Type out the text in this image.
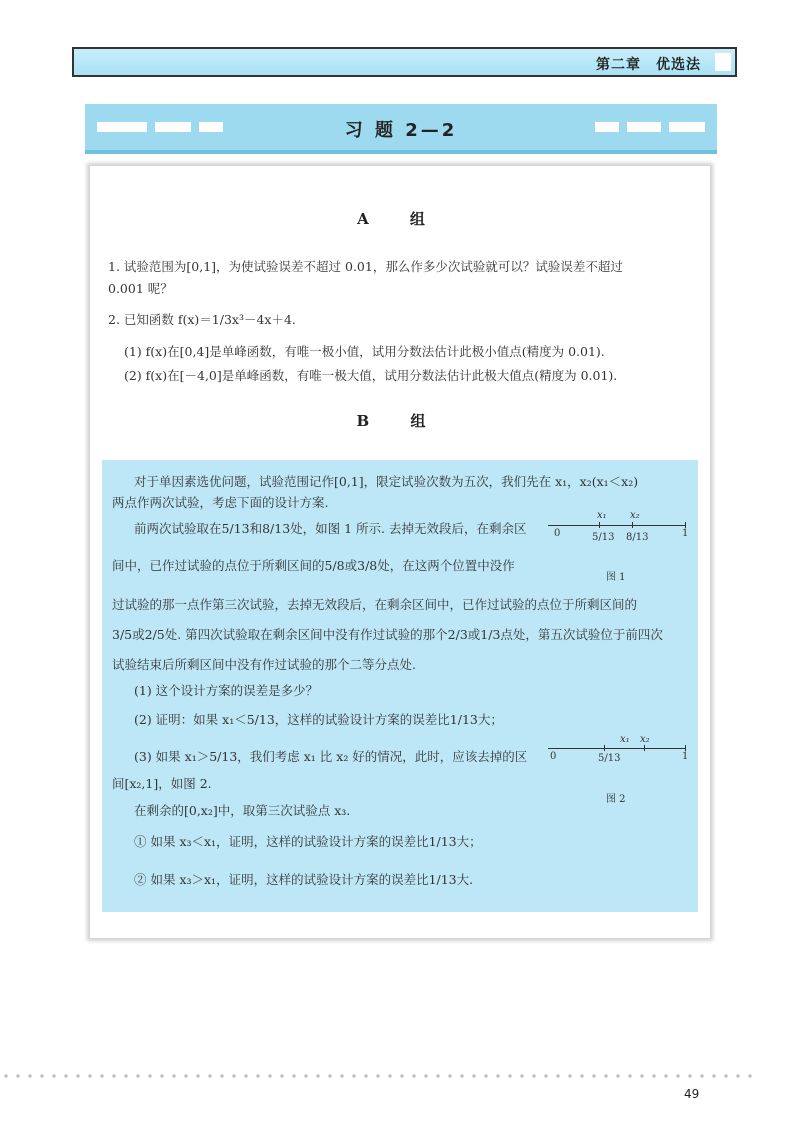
第二章　优选法
习 题 2—2
A 组
1. 试验范围为[0,1]，为使试验误差不超过 0.01，那么作多少次试验就可以？试验误差不超过
0.001 呢？
2. 已知函数 f(x)＝1/3x³－4x＋4.
(1) f(x)在[0,4]是单峰函数，有唯一极小值，试用分数法估计此极小值点(精度为 0.01).
(2) f(x)在[－4,0]是单峰函数，有唯一极大值，试用分数法估计此极大值点(精度为 0.01).
B 组
对于单因素选优问题，试验范围记作[0,1]，限定试验次数为五次，我们先在 x₁，x₂(x₁＜x₂)
两点作两次试验，考虑下面的设计方案.
前两次试验取在5/13和8/13处，如图 1 所示. 去掉无效段后，在剩余区
间中，已作过试验的点位于所剩区间的5/8或3/8处，在这两个位置中没作
过试验的那一点作第三次试验，去掉无效段后，在剩余区间中，已作过试验的点位于所剩区间的
3/5或2/5处. 第四次试验取在剩余区间中没有作过试验的那个2/3或1/3点处，第五次试验位于前四次
试验结束后所剩区间中没有作过试验的那个二等分点处.
(1) 这个设计方案的误差是多少？
(2) 证明：如果 x₁＜5/13，这样的试验设计方案的误差比1/13大；
(3) 如果 x₁＞5/13，我们考虑 x₁ 比 x₂ 好的情况，此时，应该去掉的区
间[x₂,1]，如图 2.
在剩余的[0,x₂]中，取第三次试验点 x₃.
① 如果 x₃＜x₁，证明，这样的试验设计方案的误差比1/13大；
② 如果 x₃＞x₁，证明，这样的试验设计方案的误差比1/13大.
0	1
x₁ x₂
5/13 8/13
图 1
0	1
x₁ x₂
5/13
图 2
49
